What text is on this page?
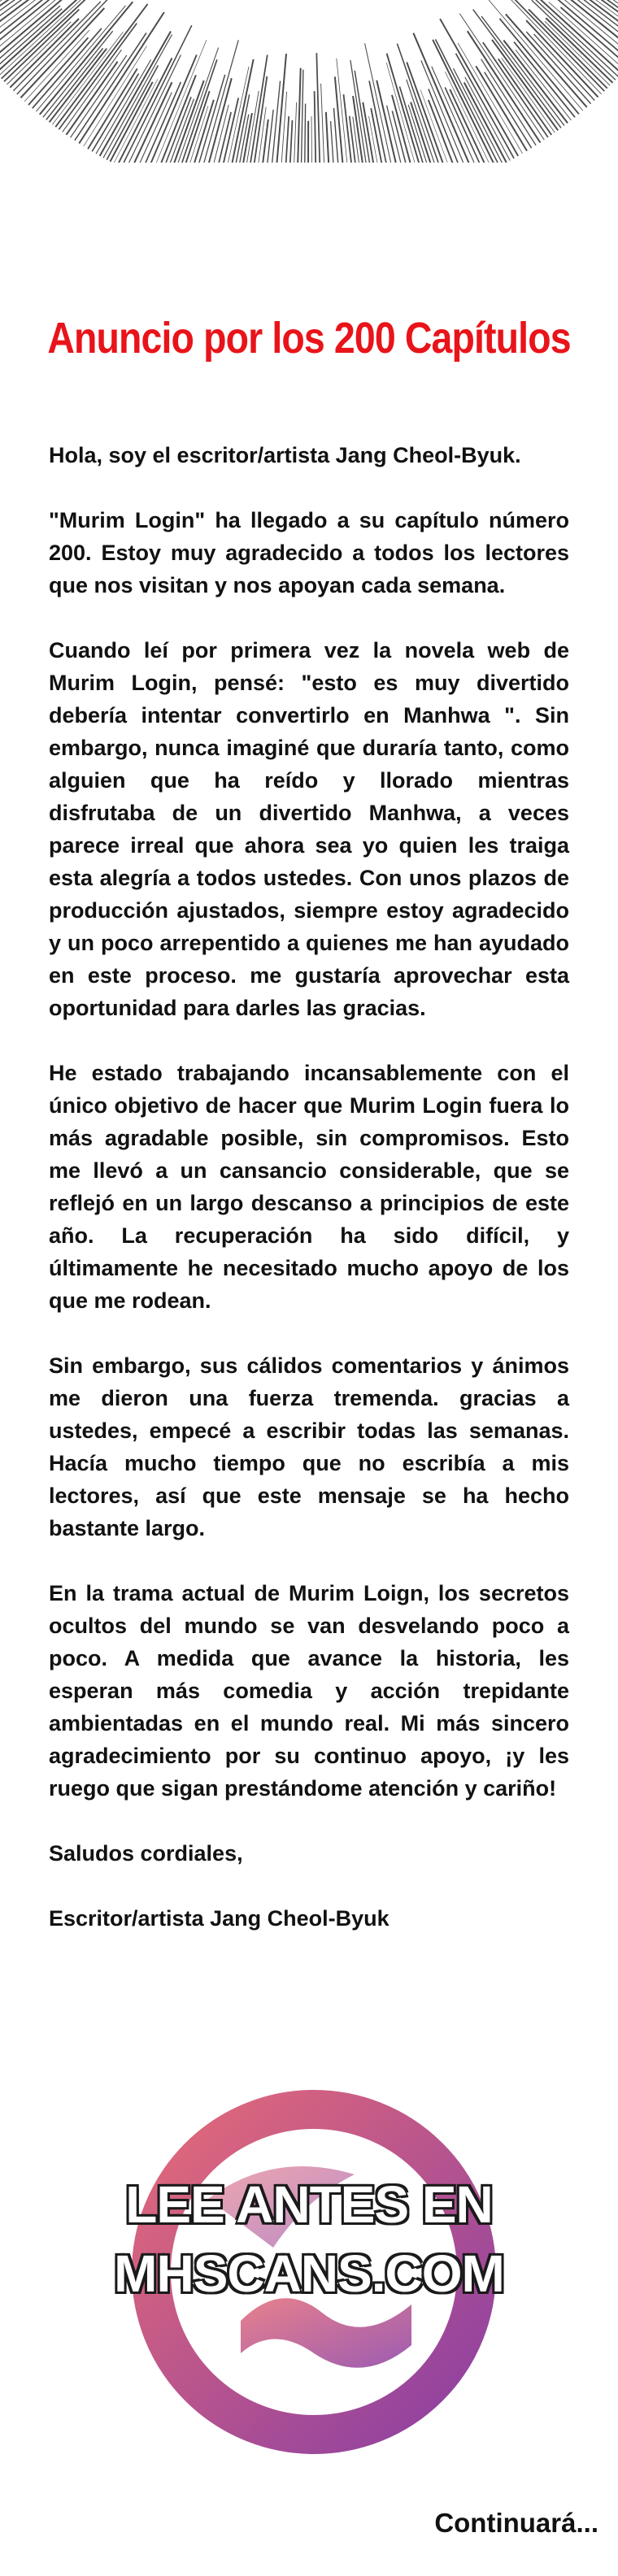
Anuncio por los 200 Capítulos

Hola, soy el escritor/artista Jang Cheol-Byuk.

"Murim Login" ha llegado a su capítulo número 200. Estoy muy agradecido a todos los lectores que nos visitan y nos apoyan cada semana.

Cuando leí por primera vez la novela web de Murim Login, pensé: "esto es muy divertido debería intentar convertirlo en Manhwa ". Sin embargo, nunca imaginé que duraría tanto, como alguien que ha reído y llorado mientras disfrutaba de un divertido Manhwa, a veces parece irreal que ahora sea yo quien les traiga esta alegría a todos ustedes. Con unos plazos de producción ajustados, siempre estoy agradecido y un poco arrepentido a quienes me han ayudado en este proceso. me gustaría aprovechar esta oportunidad para darles las gracias.

He estado trabajando incansablemente con el único objetivo de hacer que Murim Login fuera lo más agradable posible, sin compromisos. Esto me llevó a un cansancio considerable, que se reflejó en un largo descanso a principios de este año. La recuperación ha sido difícil, y últimamente he necesitado mucho apoyo de los que me rodean.

Sin embargo, sus cálidos comentarios y ánimos me dieron una fuerza tremenda. gracias a ustedes, empecé a escribir todas las semanas. Hacía mucho tiempo que no escribía a mis lectores, así que este mensaje se ha hecho bastante largo.

En la trama actual de Murim Loign, los secretos ocultos del mundo se van desvelando poco a poco. A medida que avance la historia, les esperan más comedia y acción trepidante ambientadas en el mundo real. Mi más sincero agradecimiento por su continuo apoyo, ¡y les ruego que sigan prestándome atención y cariño!

Saludos cordiales,

Escritor/artista Jang Cheol-Byuk

LEE ANTES EN
MHSCANS.COM
Continuará...
